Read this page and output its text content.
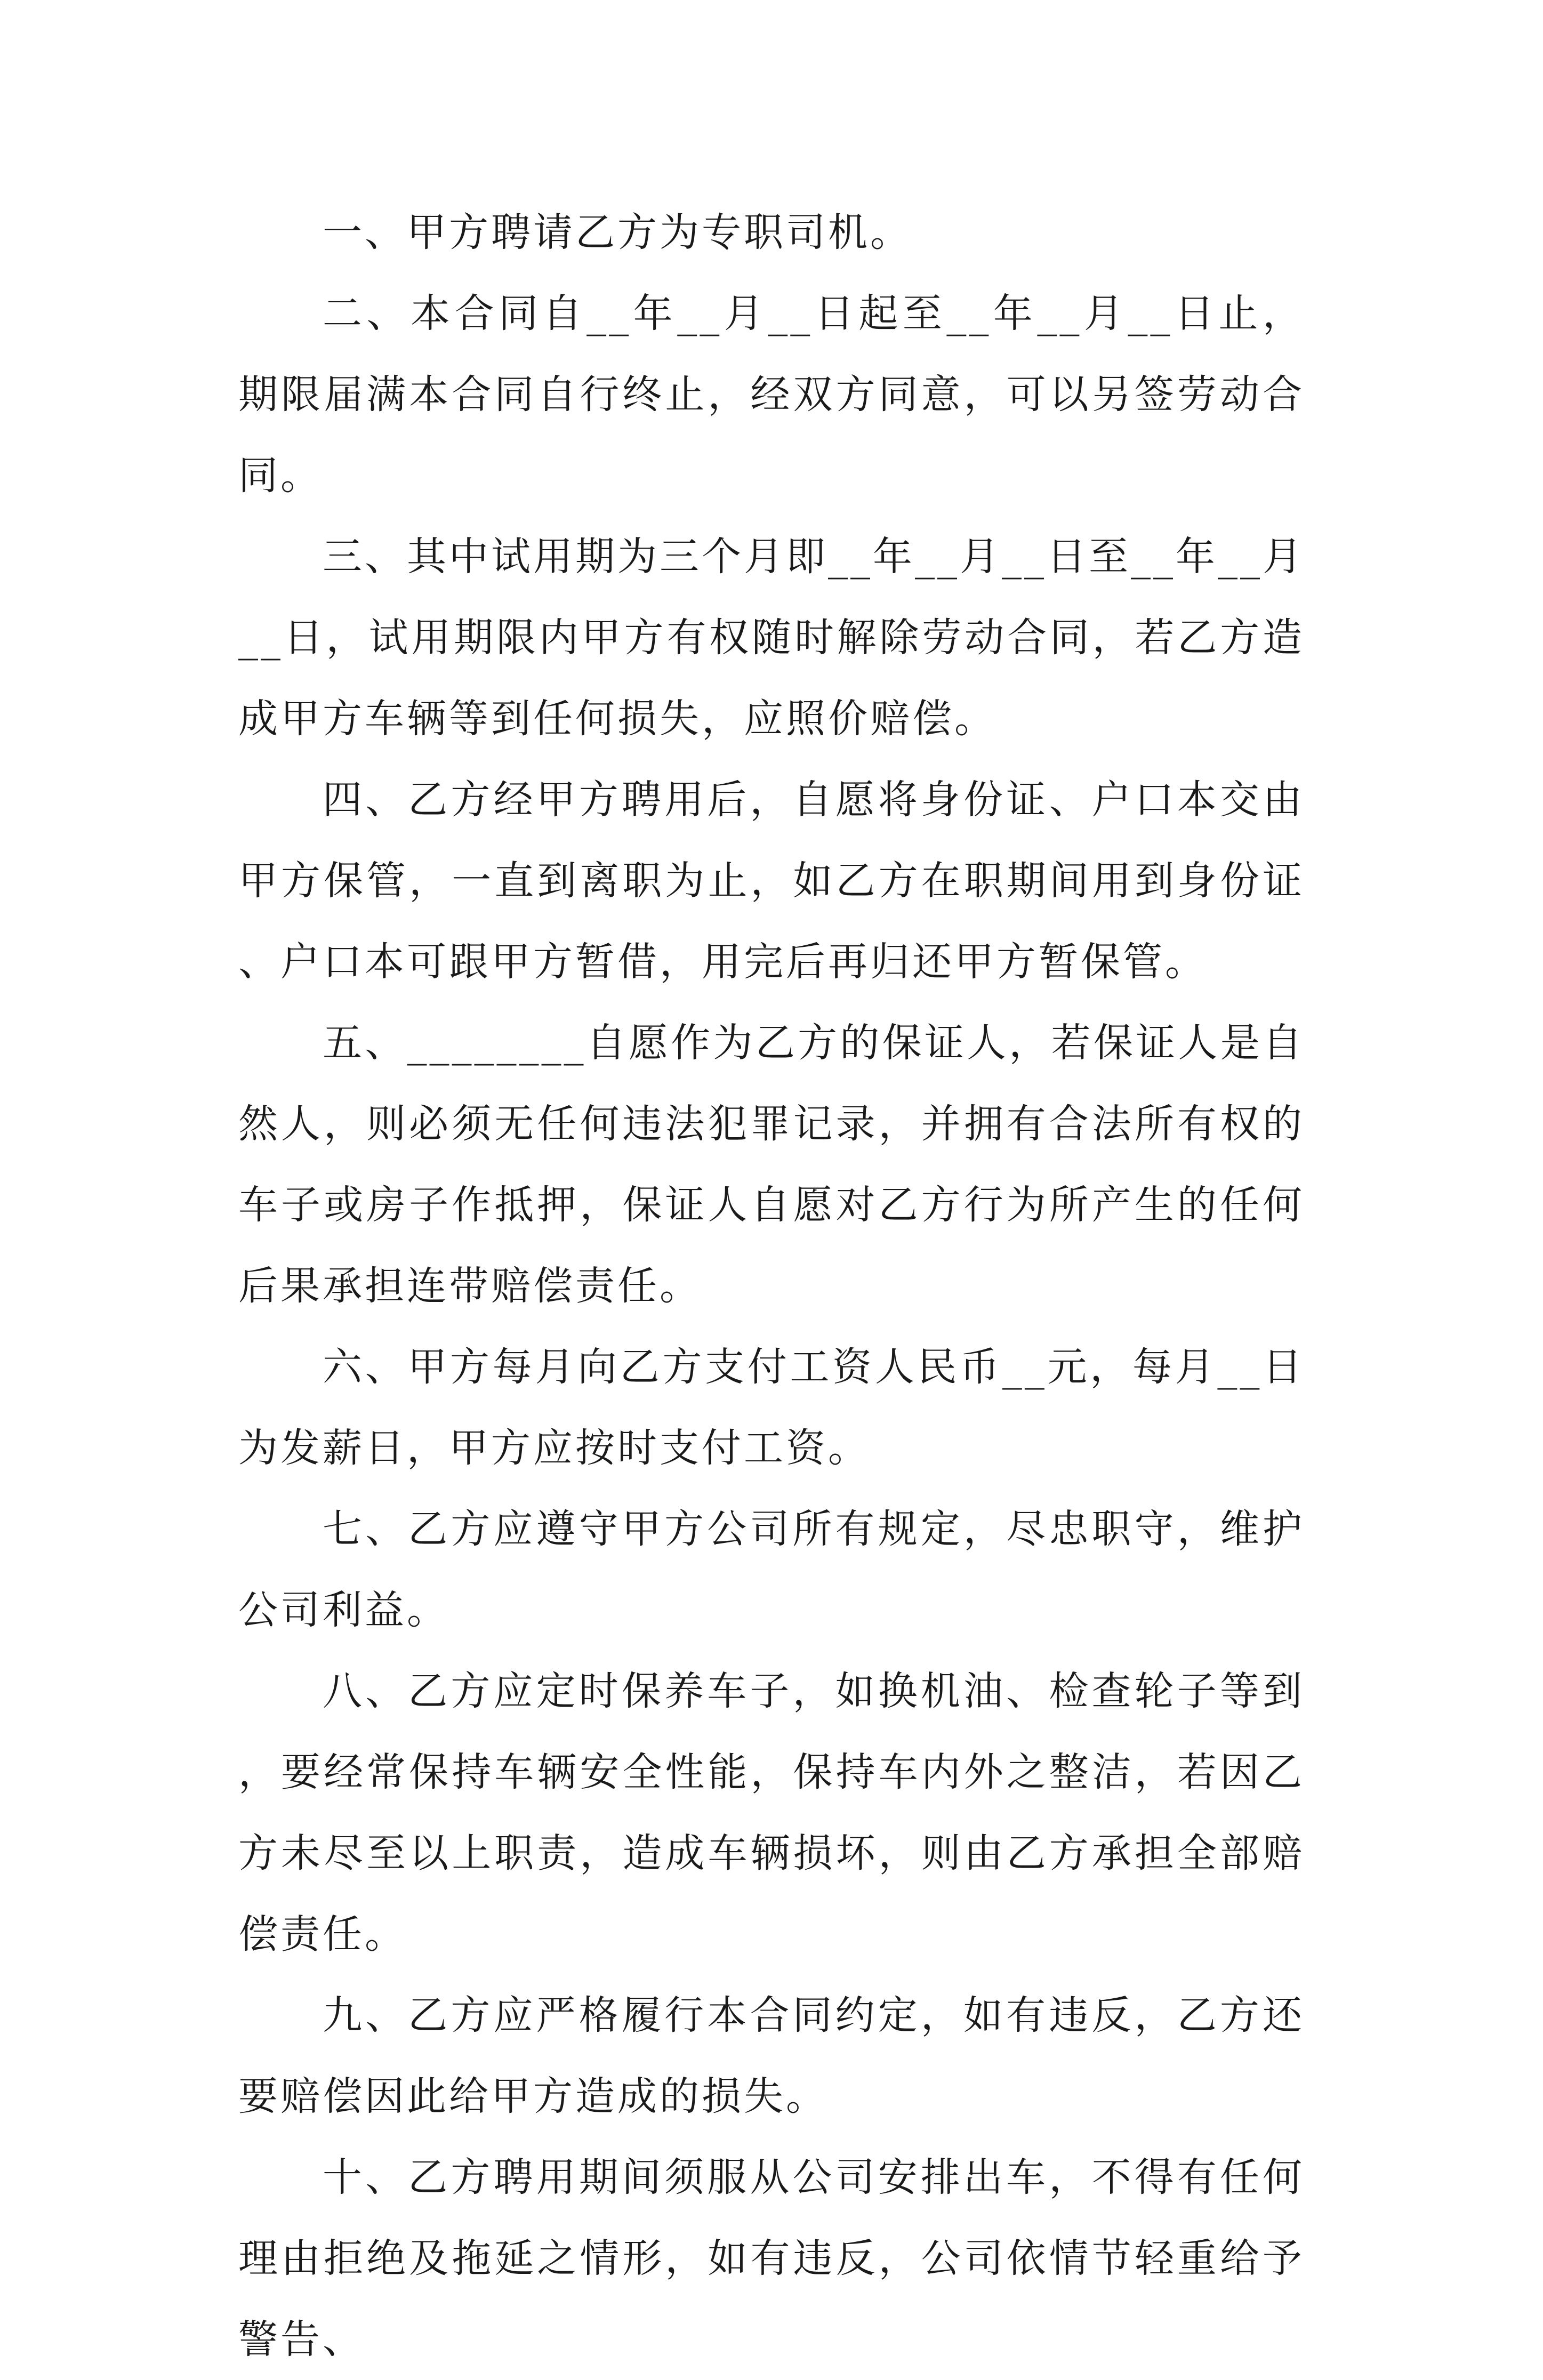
一、甲方聘请乙方为专职司机。

二、本合同自__年__月__日起至__年__月__日止，期限届满本合同自行终止，经双方同意，可以另签劳动合同。

三、其中试用期为三个月即__年__月__日至__年__月__日，试用期限内甲方有权随时解除劳动合同，若乙方造成甲方车辆等到任何损失，应照价赔偿。

四、乙方经甲方聘用后，自愿将身份证、户口本交由甲方保管，一直到离职为止，如乙方在职期间用到身份证、户口本可跟甲方暂借，用完后再归还甲方暂保管。

五、________自愿作为乙方的保证人，若保证人是自然人，则必须无任何违法犯罪记录，并拥有合法所有权的车子或房子作抵押，保证人自愿对乙方行为所产生的任何后果承担连带赔偿责任。

六、甲方每月向乙方支付工资人民币__元，每月__日为发薪日，甲方应按时支付工资。

七、乙方应遵守甲方公司所有规定，尽忠职守，维护公司利益。

八、乙方应定时保养车子，如换机油、检查轮子等到，要经常保持车辆安全性能，保持车内外之整洁，若因乙方未尽至以上职责，造成车辆损坏，则由乙方承担全部赔偿责任。

九、乙方应严格履行本合同约定，如有违反，乙方还要赔偿因此给甲方造成的损失。

十、乙方聘用期间须服从公司安排出车，不得有任何理由拒绝及拖延之情形，如有违反，公司依情节轻重给予警告、
